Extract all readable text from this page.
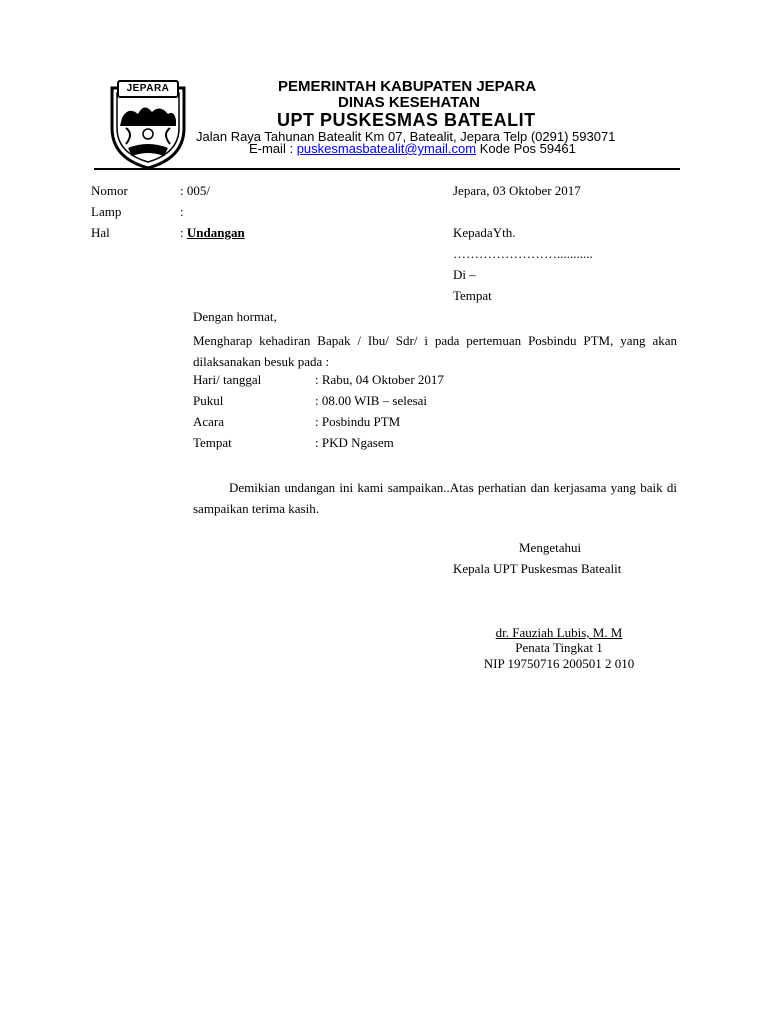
JEPARA	PEMERINTAH KABUPATEN JEPARA
DINAS KESEHATAN
UPT PUSKESMAS BATEALIT
Jalan Raya Tahunan Batealit Km 07, Batealit, Jepara Telp (0291) 593071
E-mail : puskesmasbatealit@ymail.com Kode Pos 59461
Nomor	: 005/
Lamp	:
Hal	: Undangan
Jepara, 03 Oktober 2017
KepadaYth.
……………………...........
Di –
Tempat
Dengan hormat,
Mengharap kehadiran Bapak / Ibu/ Sdr/ i pada pertemuan Posbindu PTM, yang akan dilaksanakan besuk pada :
Hari/ tanggal	: Rabu, 04 Oktober 2017
Pukul	: 08.00 WIB – selesai
Acara	: Posbindu PTM
Tempat	: PKD Ngasem
Demikian undangan ini kami sampaikan..Atas perhatian dan kerjasama yang baik di sampaikan terima kasih.
Mengetahui
Kepala UPT Puskesmas Batealit
dr. Fauziah Lubis, M. M
Penata Tingkat 1
NIP 19750716 200501 2 010
